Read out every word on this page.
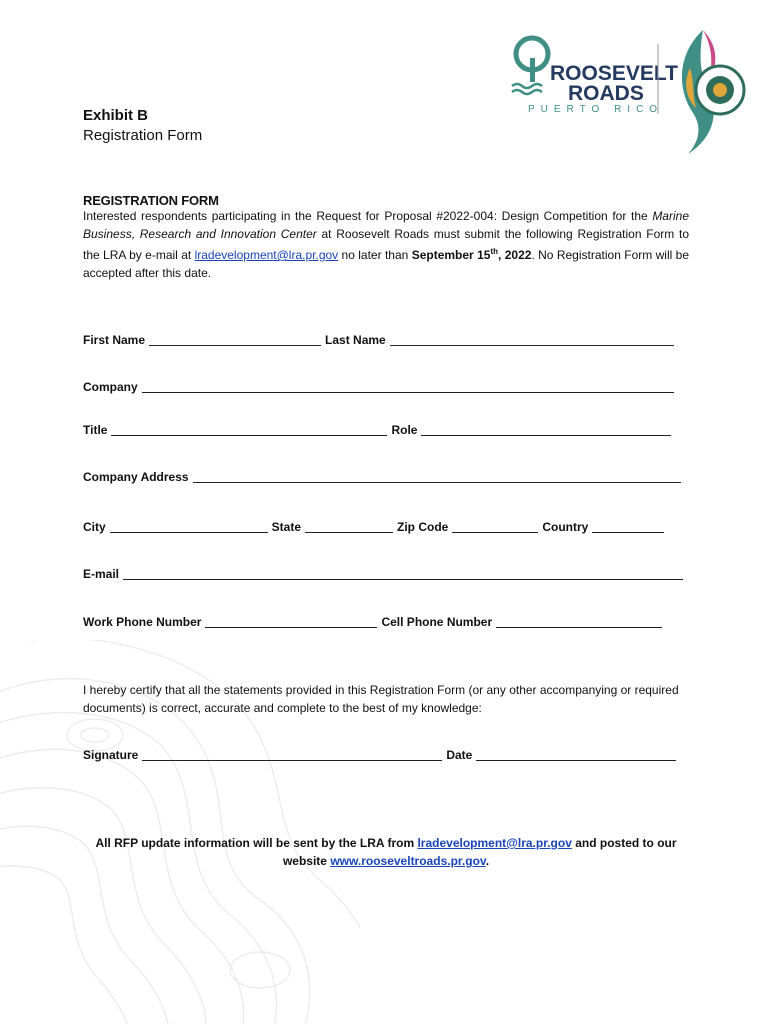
ROOSEVELT
ROADS
PUERTO RICO
Exhibit B
Registration Form
REGISTRATION FORM
Interested respondents participating in the Request for Proposal #2022-004: Design Competition for the Marine Business, Research and Innovation Center at Roosevelt Roads must submit the following Registration Form to the LRA by e-mail at lradevelopment@lra.pr.gov no later than September 15th, 2022. No Registration Form will be accepted after this date.
First Name	Last Name
Company
Title	Role
Company Address
City	State	Zip Code	Country
E-mail
Work Phone Number	Cell Phone Number
I hereby certify that all the statements provided in this Registration Form (or any other accompanying or required documents) is correct, accurate and complete to the best of my knowledge:
Signature	Date
All RFP update information will be sent by the LRA from lradevelopment@lra.pr.gov and posted to our website www.rooseveltroads.pr.gov.
